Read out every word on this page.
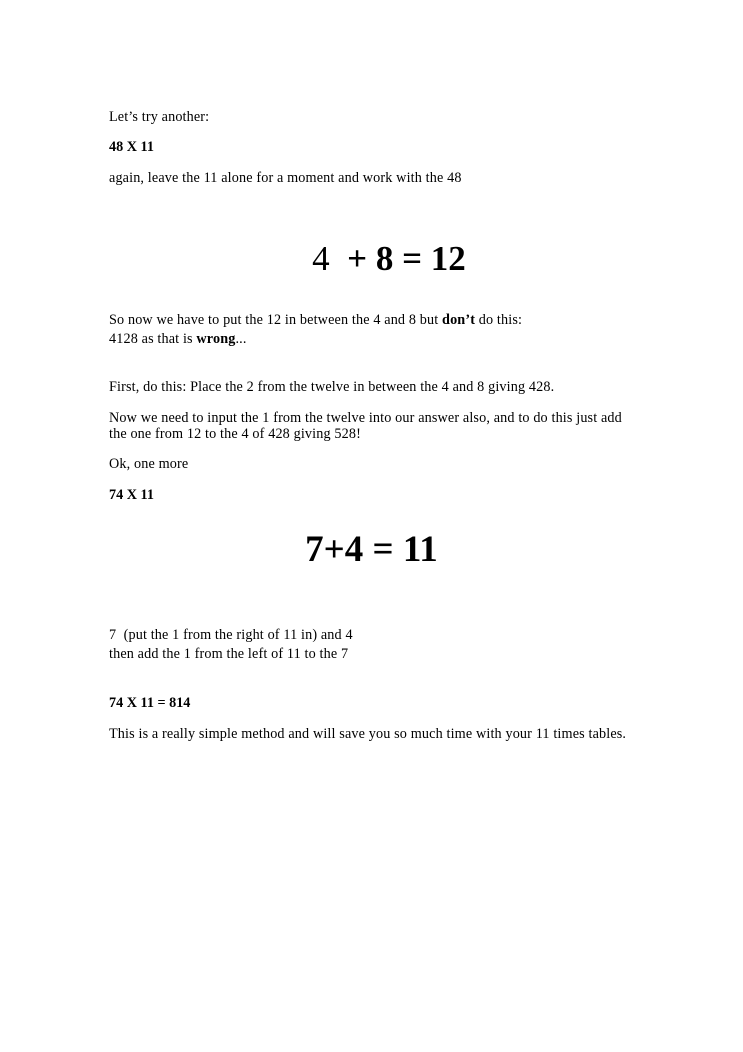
Let’s try another:
48 X 11
again, leave the 11 alone for a moment and work with the 48

4  + 8 = 12

So now we have to put the 12 in between the 4 and 8 but don’t do this:
4128 as that is wrong...
First, do this: Place the 2 from the twelve in between the 4 and 8 giving 428.
Now we need to input the 1 from the twelve into our answer also, and to do this just add
the one from 12 to the 4 of 428 giving 528!
Ok, one more
74 X 11
7+4 = 11
7  (put the 1 from the right of 11 in) and 4
then add the 1 from the left of 11 to the 7
74 X 11 = 814
This is a really simple method and will save you so much time with your 11 times tables.
